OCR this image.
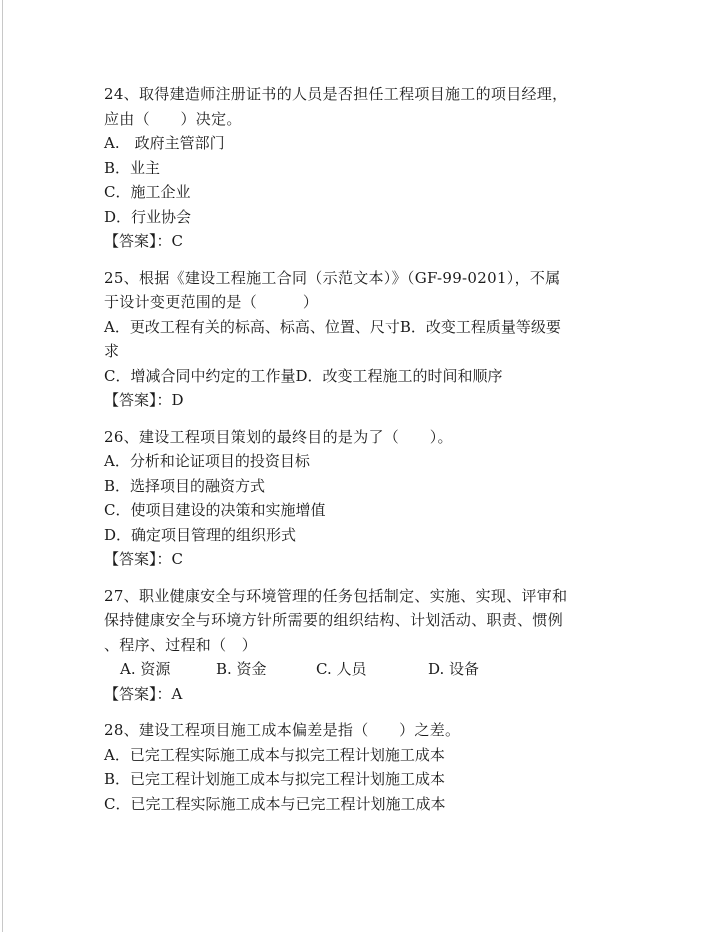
24、取得建造师注册证书的人员是否担任工程项目施工的项目经理，
应由（　　）决定。
A.　政府主管部门
B．业主
C．施工企业
D．行业协会
【答案】：C
25、根据《建设工程施工合同（示范文本）》（GF-99-0201），不属
于设计变更范围的是（　　　）
A．更改工程有关的标高、标高、位置、尺寸B．改变工程质量等级要
求
C．增减合同中约定的工作量D．改变工程施工的时间和顺序
【答案】：D
26、建设工程项目策划的最终目的是为了（　　）。
A．分析和论证项目的投资目标
B．选择项目的融资方式
C．使项目建设的决策和实施增值
D．确定项目管理的组织形式
【答案】：C
27、职业健康安全与环境管理的任务包括制定、实施、实现、评审和
保持健康安全与环境方针所需要的组织结构、计划活动、职责、惯例
、程序、过程和（　）
A. 资源	B. 资金	C. 人员	D. 设备
【答案】：A
28、建设工程项目施工成本偏差是指（　　）之差。
A．已完工程实际施工成本与拟完工程计划施工成本
B．已完工程计划施工成本与拟完工程计划施工成本
C．已完工程实际施工成本与已完工程计划施工成本
